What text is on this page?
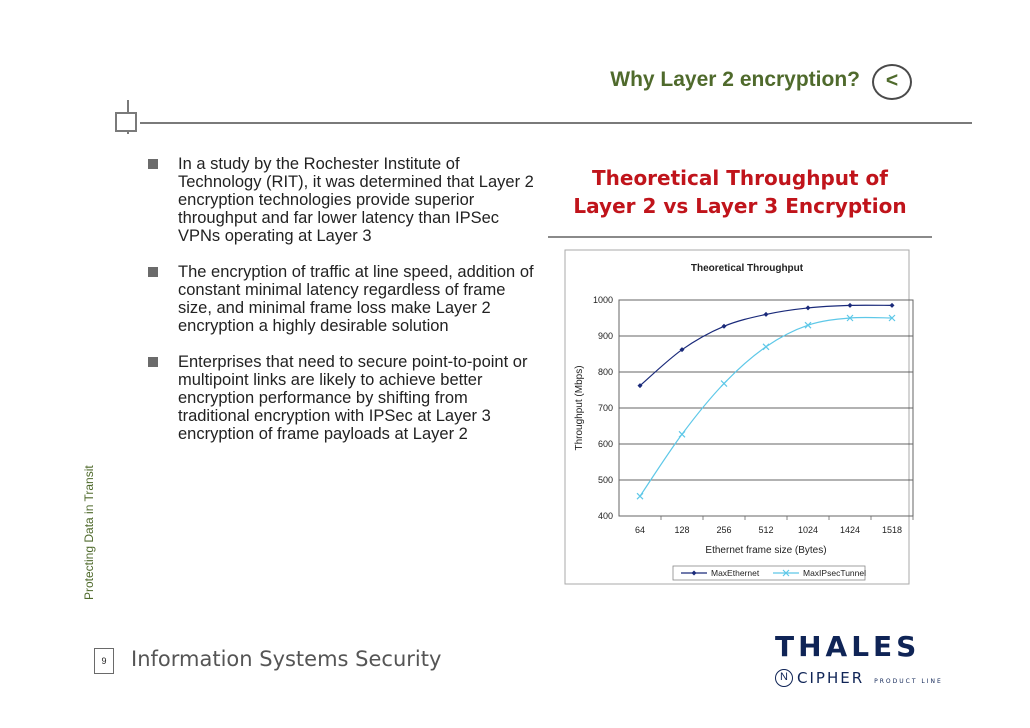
Why Layer 2 encryption?	<
In a study by the Rochester Institute of Technology (RIT), it was determined that Layer 2 encryption technologies provide superior throughput and far lower latency than IPSec VPNs operating at Layer 3
The encryption of traffic at line speed, addition of constant minimal latency regardless of frame size, and minimal frame loss make Layer 2 encryption a highly desirable solution
Enterprises that need to secure point-to-point or multipoint links are likely to achieve better encryption performance by shifting from traditional encryption with IPSec at Layer 3 encryption of frame payloads at Layer 2
Theoretical Throughput of
Layer 2 vs Layer 3 Encryption
Theoretical Throughput
400
500
600
700
800
900
1000
64	128	256	512	1024 1424 1518
Throughput (Mbps)
Ethernet frame size (Bytes)
MaxEthernet	MaxIPsecTunnel
Protecting Data in Transit
9	Information Systems Security	THALES
N CIPHER PRODUCT LINE
